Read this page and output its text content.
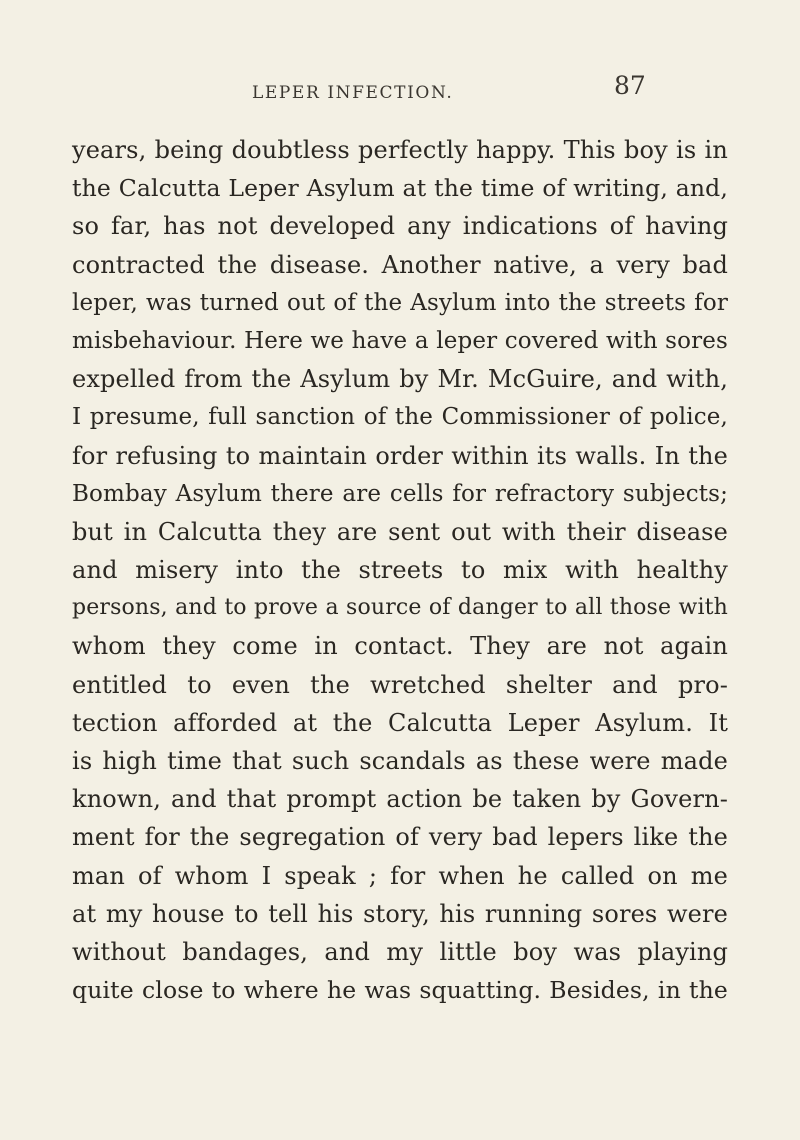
LEPER INFECTION.	87
years, being doubtless perfectly happy. This boy is in
the Calcutta Leper Asylum at the time of writing, and,
so far, has not developed any indications of having
contracted the disease. Another native, a very bad
leper, was turned out of the Asylum into the streets for
misbehaviour. Here we have a leper covered with sores
expelled from the Asylum by Mr. McGuire, and with,
I presume, full sanction of the Commissioner of police,
for refusing to maintain order within its walls. In the
Bombay Asylum there are cells for refractory subjects;
but in Calcutta they are sent out with their disease
and misery into the streets to mix with healthy
persons, and to prove a source of danger to all those with
whom they come in contact. They are not again
entitled to even the wretched shelter and pro-
tection afforded at the Calcutta Leper Asylum. It
is high time that such scandals as these were made
known, and that prompt action be taken by Govern-
ment for the segregation of very bad lepers like the
man of whom I speak ; for when he called on me
at my house to tell his story, his running sores were
without bandages, and my little boy was playing
quite close to where he was squatting. Besides, in the
